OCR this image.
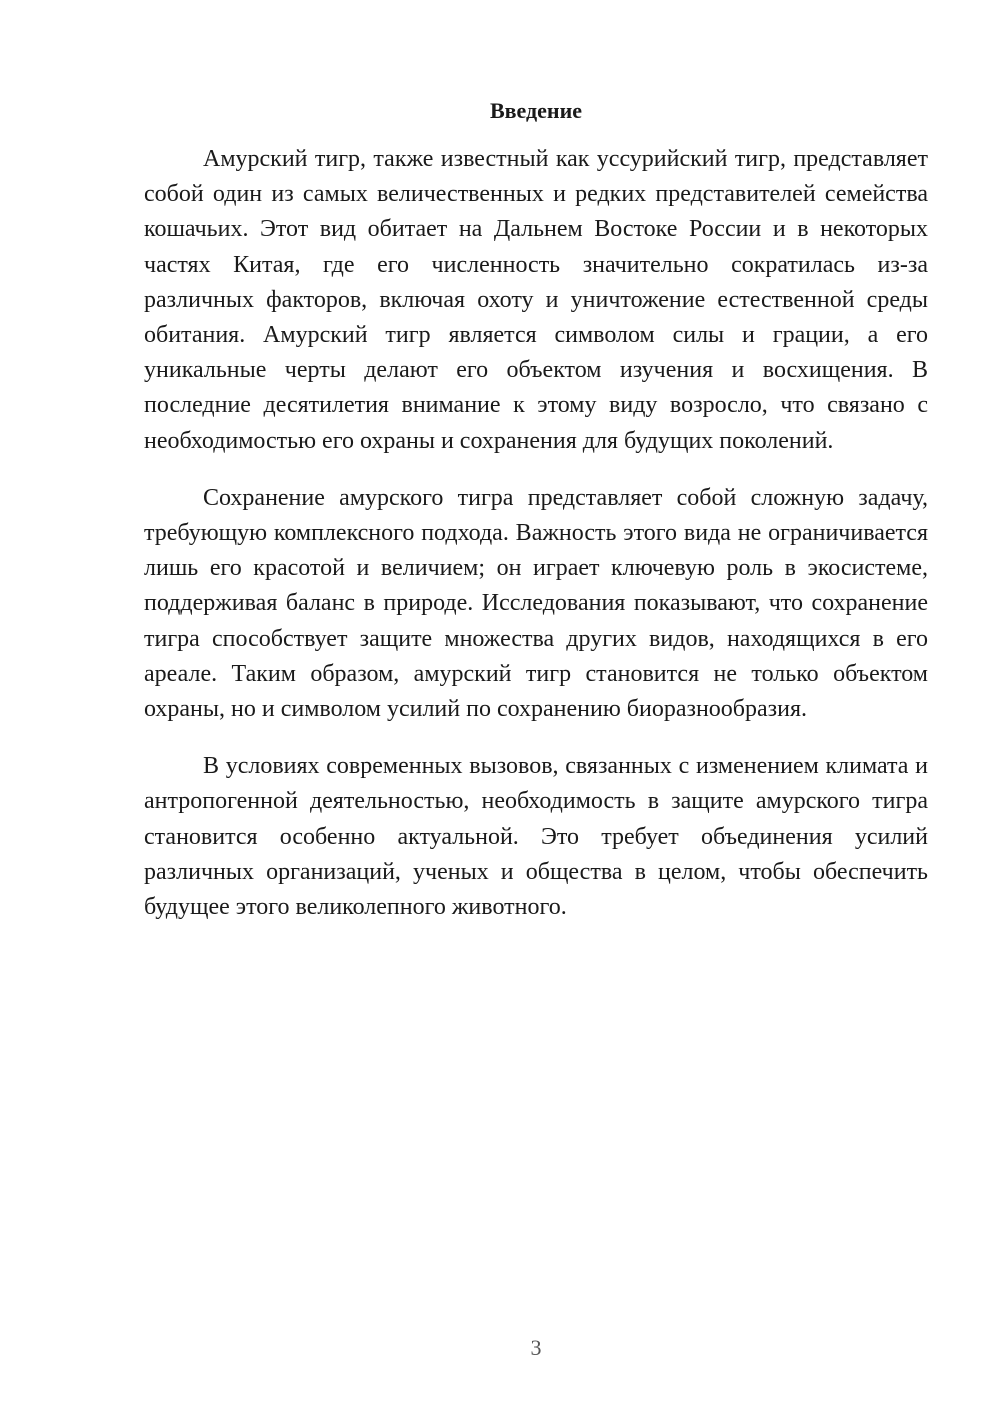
Введение

Амурский тигр, также известный как уссурийский тигр, представляет собой один из самых величественных и редких представителей семейства кошачьих. Этот вид обитает на Дальнем Востоке России и в некоторых частях Китая, где его численность значительно сократилась из-за различных факторов, включая охоту и уничтожение естественной среды обитания. Амурский тигр является символом силы и грации, а его уникальные черты делают его объектом изучения и восхищения. В последние десятилетия внимание к этому виду возросло, что связано с необходимостью его охраны и сохранения для будущих поколений.

Сохранение амурского тигра представляет собой сложную задачу, требующую комплексного подхода. Важность этого вида не ограничивается лишь его красотой и величием; он играет ключевую роль в экосистеме, поддерживая баланс в природе. Исследования показывают, что сохранение тигра способствует защите множества других видов, находящихся в его ареале. Таким образом, амурский тигр становится не только объектом охраны, но и символом усилий по сохранению биоразнообразия.

В условиях современных вызовов, связанных с изменением климата и антропогенной деятельностью, необходимость в защите амурского тигра становится особенно актуальной. Это требует объединения усилий различных организаций, ученых и общества в целом, чтобы обеспечить будущее этого великолепного животного.

3
